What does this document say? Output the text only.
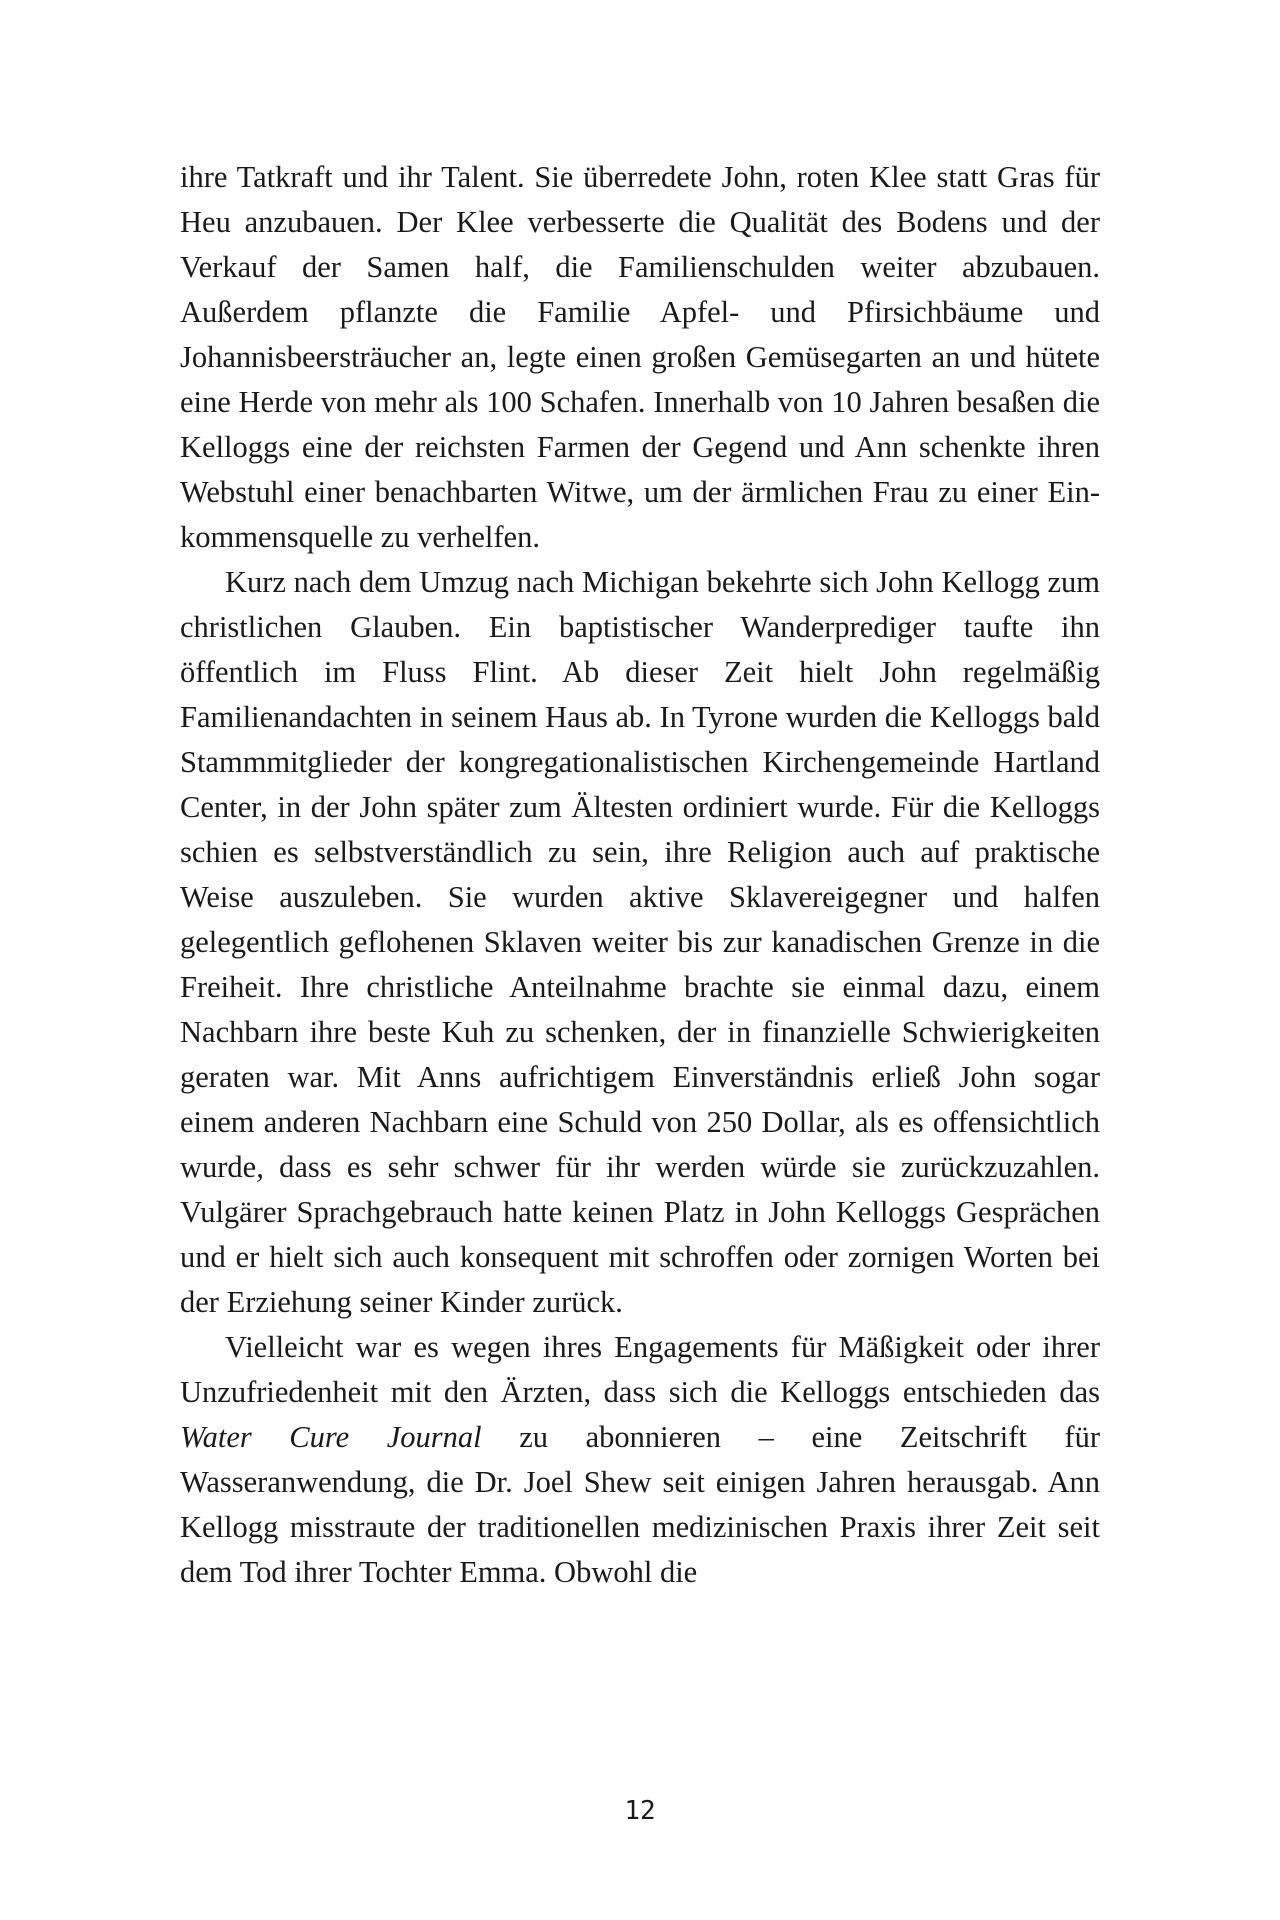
ihre Tatkraft und ihr Talent. Sie überredete John, roten Klee statt Gras für Heu anzubauen. Der Klee verbesserte die Qualität des Bodens und der Verkauf der Samen half, die Familienschulden weiter abzubauen. Außerdem pflanzte die Familie Apfel- und Pfirsichbäume und Johannisbeersträucher an, legte einen großen Gemüsegarten an und hütete eine Herde von mehr als 100 Schafen. Innerhalb von 10 Jahren besaßen die Kelloggs eine der reichsten Farmen der Gegend und Ann schenkte ihren Webstuhl einer benachbarten Witwe, um der ärmlichen Frau zu einer Einkommensquelle zu verhelfen.

Kurz nach dem Umzug nach Michigan bekehrte sich John Kellogg zum christlichen Glauben. Ein baptistischer Wanderprediger taufte ihn öffentlich im Fluss Flint. Ab dieser Zeit hielt John regelmäßig Familienandachten in seinem Haus ab. In Tyrone wurden die Kelloggs bald Stammmitglieder der kongregationalistischen Kirchengemeinde Hartland Center, in der John später zum Ältesten ordiniert wurde. Für die Kelloggs schien es selbstverständlich zu sein, ihre Religion auch auf praktische Weise auszuleben. Sie wurden aktive Sklavereigegner und halfen gelegentlich geflohenen Sklaven weiter bis zur kanadischen Grenze in die Freiheit. Ihre christliche Anteilnahme brachte sie einmal dazu, einem Nachbarn ihre beste Kuh zu schenken, der in finanzielle Schwierigkeiten geraten war. Mit Anns aufrichtigem Einverständnis erließ John sogar einem anderen Nachbarn eine Schuld von 250 Dollar, als es offensichtlich wurde, dass es sehr schwer für ihr werden würde sie zurückzuzahlen. Vulgärer Sprachgebrauch hatte keinen Platz in John Kelloggs Gesprächen und er hielt sich auch konsequent mit schroffen oder zornigen Worten bei der Erziehung seiner Kinder zurück.

Vielleicht war es wegen ihres Engagements für Mäßigkeit oder ihrer Unzufriedenheit mit den Ärzten, dass sich die Kelloggs entschieden das Water Cure Journal zu abonnieren – eine Zeitschrift für Wasseranwendung, die Dr. Joel Shew seit einigen Jahren herausgab. Ann Kellogg misstraute der traditionellen medizinischen Praxis ihrer Zeit seit dem Tod ihrer Tochter Emma. Obwohl die

12
